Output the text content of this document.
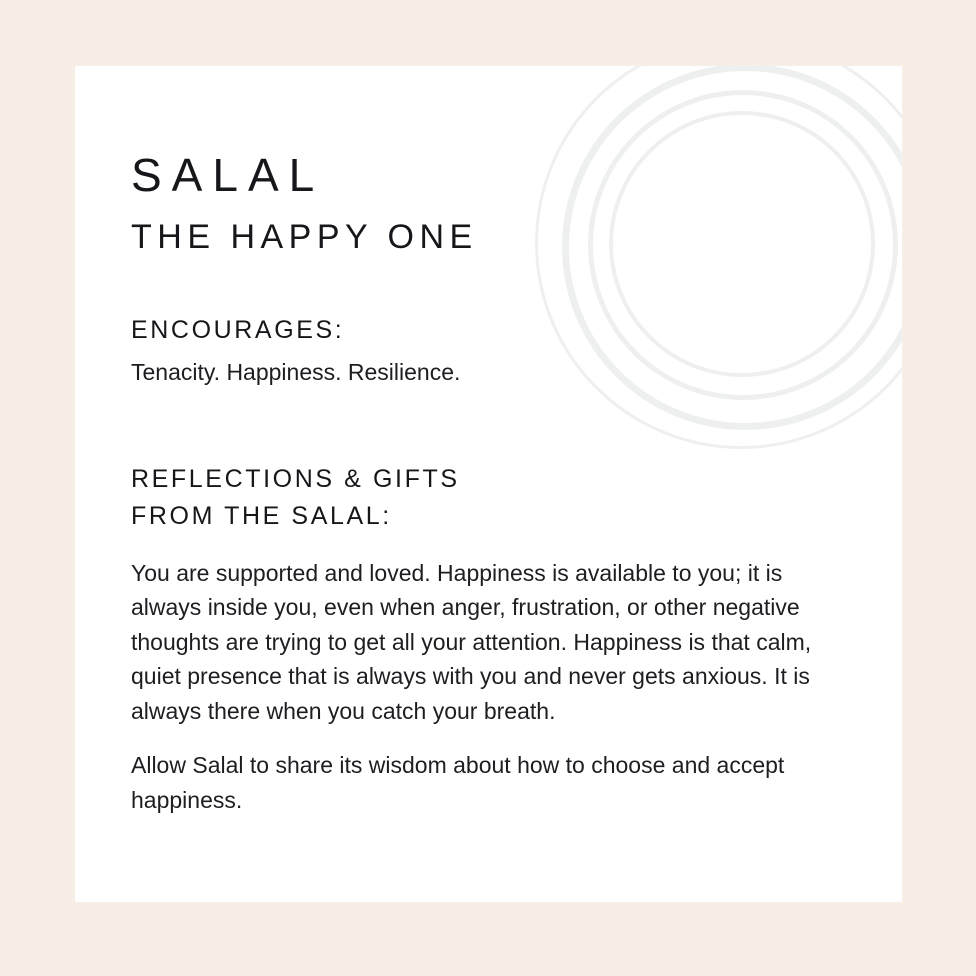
SALAL
THE HAPPY ONE
ENCOURAGES:

Tenacity. Happiness. Resilience.

REFLECTIONS & GIFTS
FROM THE SALAL:

You are supported and loved. Happiness is available to you; it is always inside you, even when anger, frustration, or other negative thoughts are trying to get all your attention. Happiness is that calm, quiet presence that is always with you and never gets anxious. It is always there when you catch your breath.

Allow Salal to share its wisdom about how to choose and accept happiness.
